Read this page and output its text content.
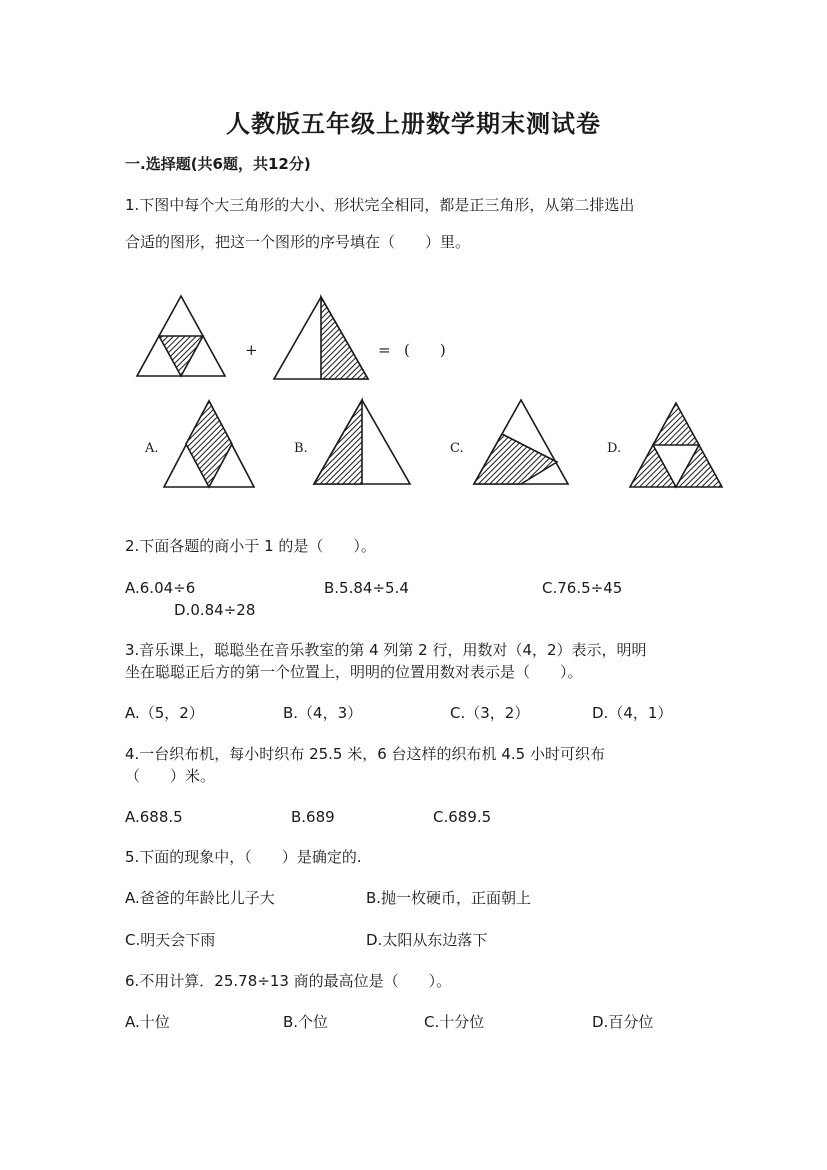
人教版五年级上册数学期末测试卷
一.选择题(共6题，共12分)
1.下图中每个大三角形的大小、形状完全相同，都是正三角形，从第二排选出
合适的图形，把这一个图形的序号填在（　　）里。
+	= (　　)
A.	B.	C.	D.
2.下面各题的商小于 1 的是（　　）。
A.6.04÷6	B.5.84÷5.4	C.76.5÷45
D.0.84÷28
3.音乐课上，聪聪坐在音乐教室的第 4 列第 2 行，用数对（4，2）表示，明明
坐在聪聪正后方的第一个位置上，明明的位置用数对表示是（　　）。
A.（5，2）	B.（4，3）	C.（3，2）	D.（4，1）
4.一台织布机，每小时织布 25.5 米，6 台这样的织布机 4.5 小时可织布
（　　）米。
A.688.5	B.689	C.689.5
5.下面的现象中，（　　）是确定的.
A.爸爸的年龄比儿子大	B.抛一枚硬币，正面朝上
C.明天会下雨	D.太阳从东边落下
6.不用计算．25.78÷13 商的最高位是（　　）。
A.十位	B.个位	C.十分位	D.百分位
